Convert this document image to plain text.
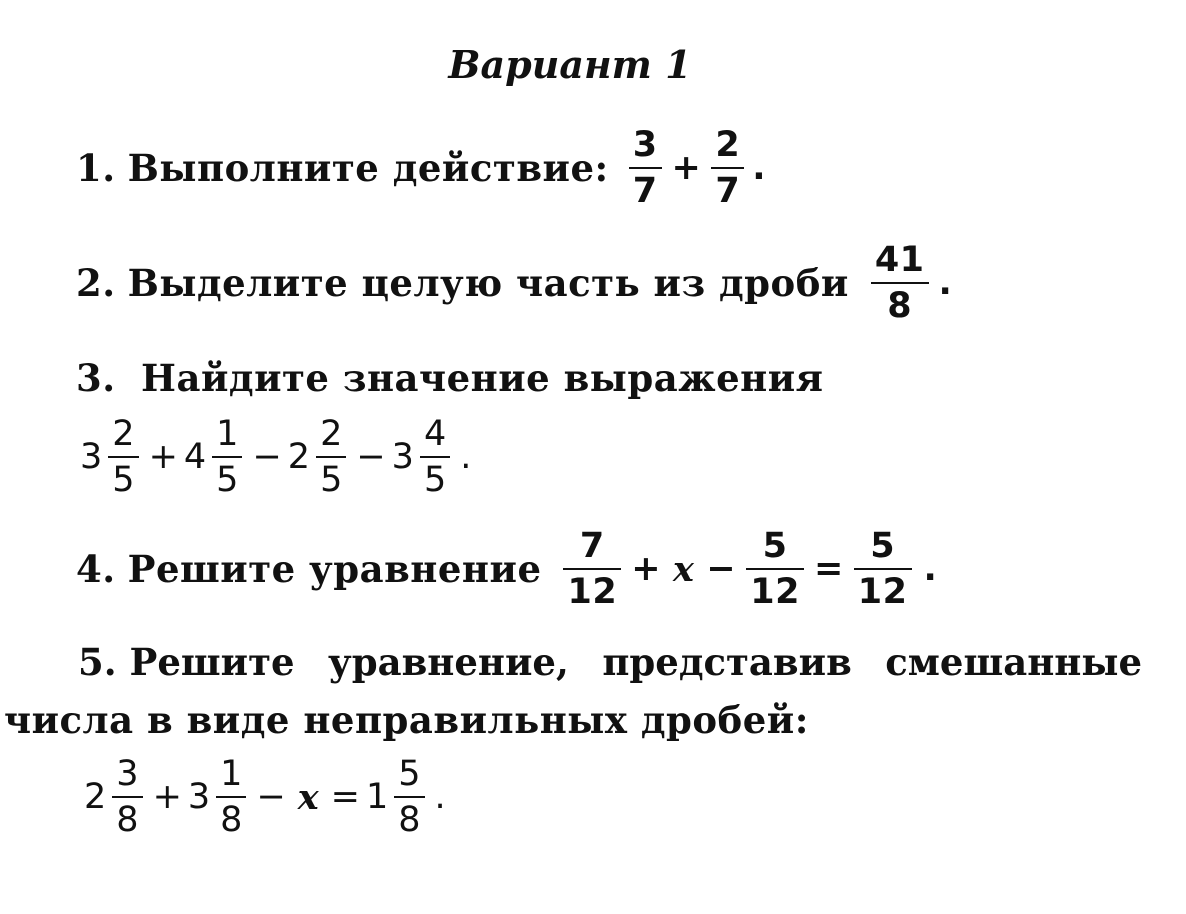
Вариант 1
1. Выполните действие: $\frac{3}{7} + \frac{2}{7}$ .
2. Выделите целую часть из дроби $\frac{41}{8}$ .
3. Найдите значение выражения
$3 \frac{2}{5} + 4 \frac{1}{5} - 2 \frac{2}{5} - 3 \frac{4}{5}$ .
4. Решите уравнение $\frac{7}{12} + x - \frac{5}{12} = \frac{5}{12}$ .
5. Решите уравнение, представив смешанные
числа в виде неправильных дробей:
$2 \frac{3}{8} + 3 \frac{1}{8} - x = 1 \frac{5}{8}$ .
